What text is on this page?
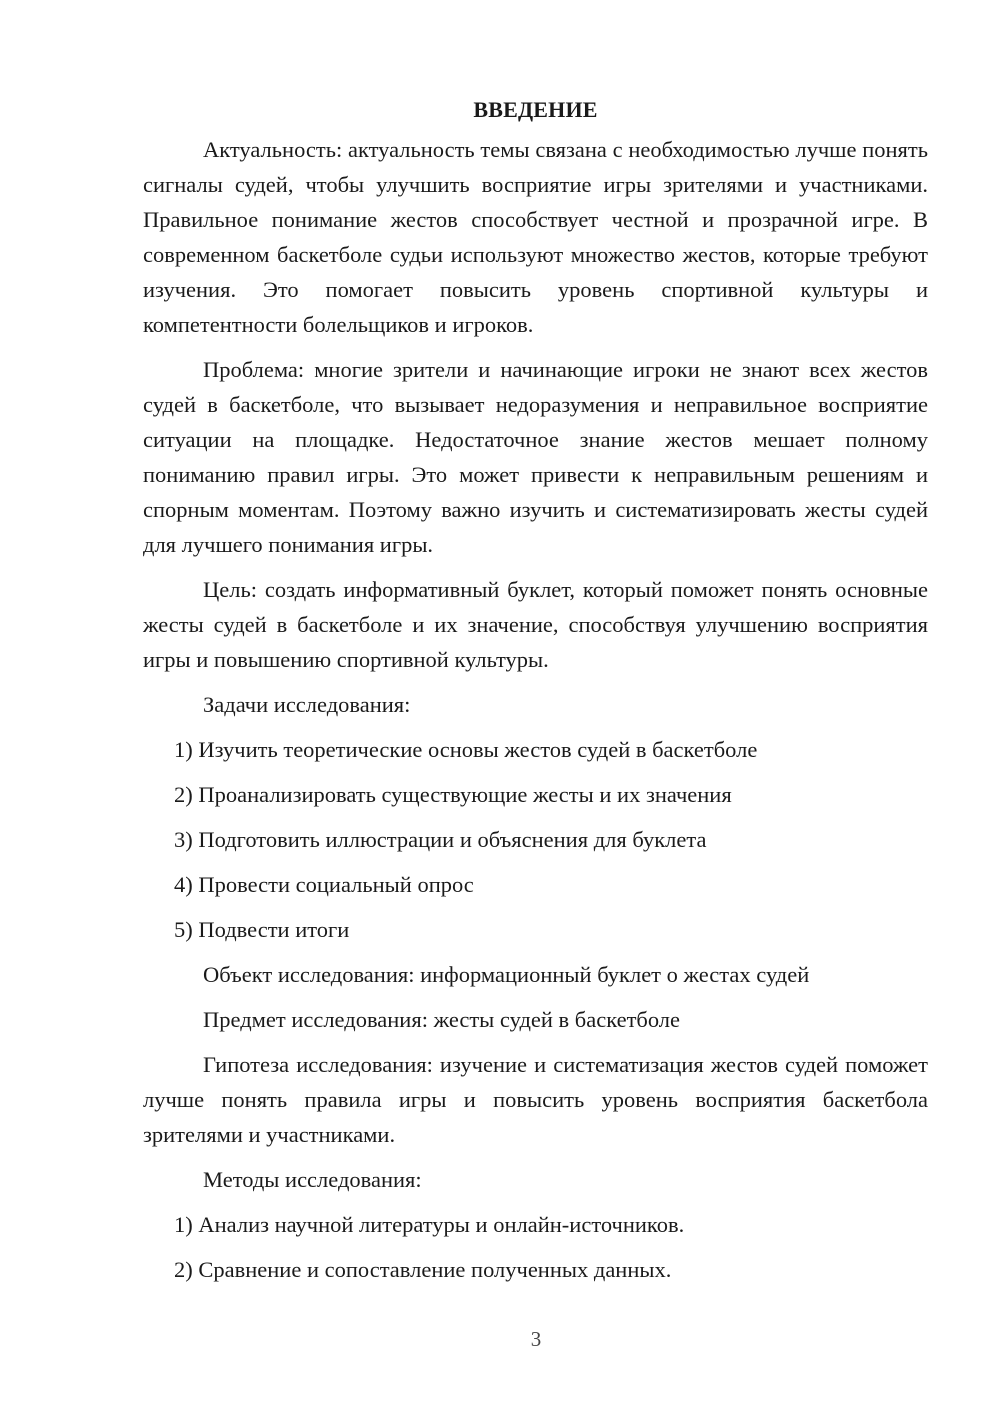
ВВЕДЕНИЕ

Актуальность: актуальность темы связана с необходимостью лучше понять сигналы судей, чтобы улучшить восприятие игры зрителями и участниками. Правильное понимание жестов способствует честной и прозрачной игре. В современном баскетболе судьи используют множество жестов, которые требуют изучения. Это помогает повысить уровень спортивной культуры и компетентности болельщиков и игроков.

Проблема: многие зрители и начинающие игроки не знают всех жестов судей в баскетболе, что вызывает недоразумения и неправильное восприятие ситуации на площадке. Недостаточное знание жестов мешает полному пониманию правил игры. Это может привести к неправильным решениям и спорным моментам. Поэтому важно изучить и систематизировать жесты судей для лучшего понимания игры.

Цель: создать информативный буклет, который поможет понять основные жесты судей в баскетболе и их значение, способствуя улучшению восприятия игры и повышению спортивной культуры.

Задачи исследования:

1) Изучить теоретические основы жестов судей в баскетболе
2) Проанализировать существующие жесты и их значения
3) Подготовить иллюстрации и объяснения для буклета
4) Провести социальный опрос
5) Подвести итоги

Объект исследования: информационный буклет о жестах судей

Предмет исследования: жесты судей в баскетболе

Гипотеза исследования: изучение и систематизация жестов судей поможет лучше понять правила игры и повысить уровень восприятия баскетбола зрителями и участниками.

Методы исследования:

1) Анализ научной литературы и онлайн-источников.
2) Сравнение и сопоставление полученных данных.
3
